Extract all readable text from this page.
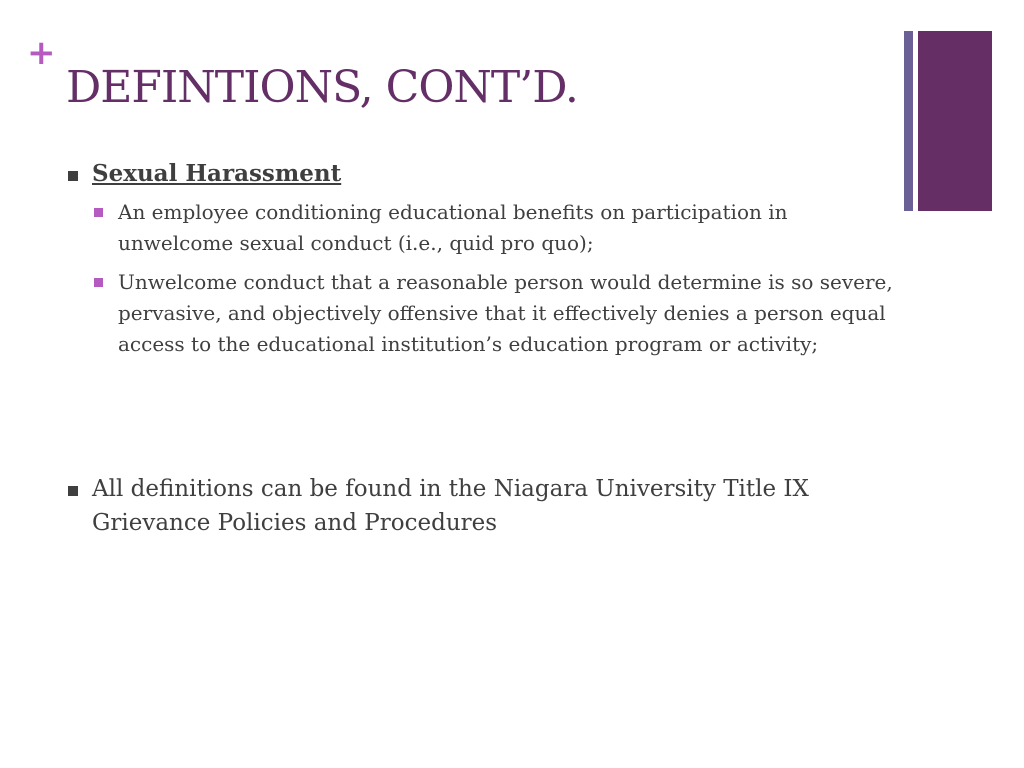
+
DEFINTIONS, CONT’D.
Sexual Harassment
An employee conditioning educational benefits on participation in unwelcome sexual conduct (i.e., quid pro quo);
Unwelcome conduct that a reasonable person would determine is so severe, pervasive, and objectively offensive that it effectively denies a person equal access to the educational institution’s education program or activity;
All definitions can be found in the Niagara University Title IX Grievance Policies and Procedures
